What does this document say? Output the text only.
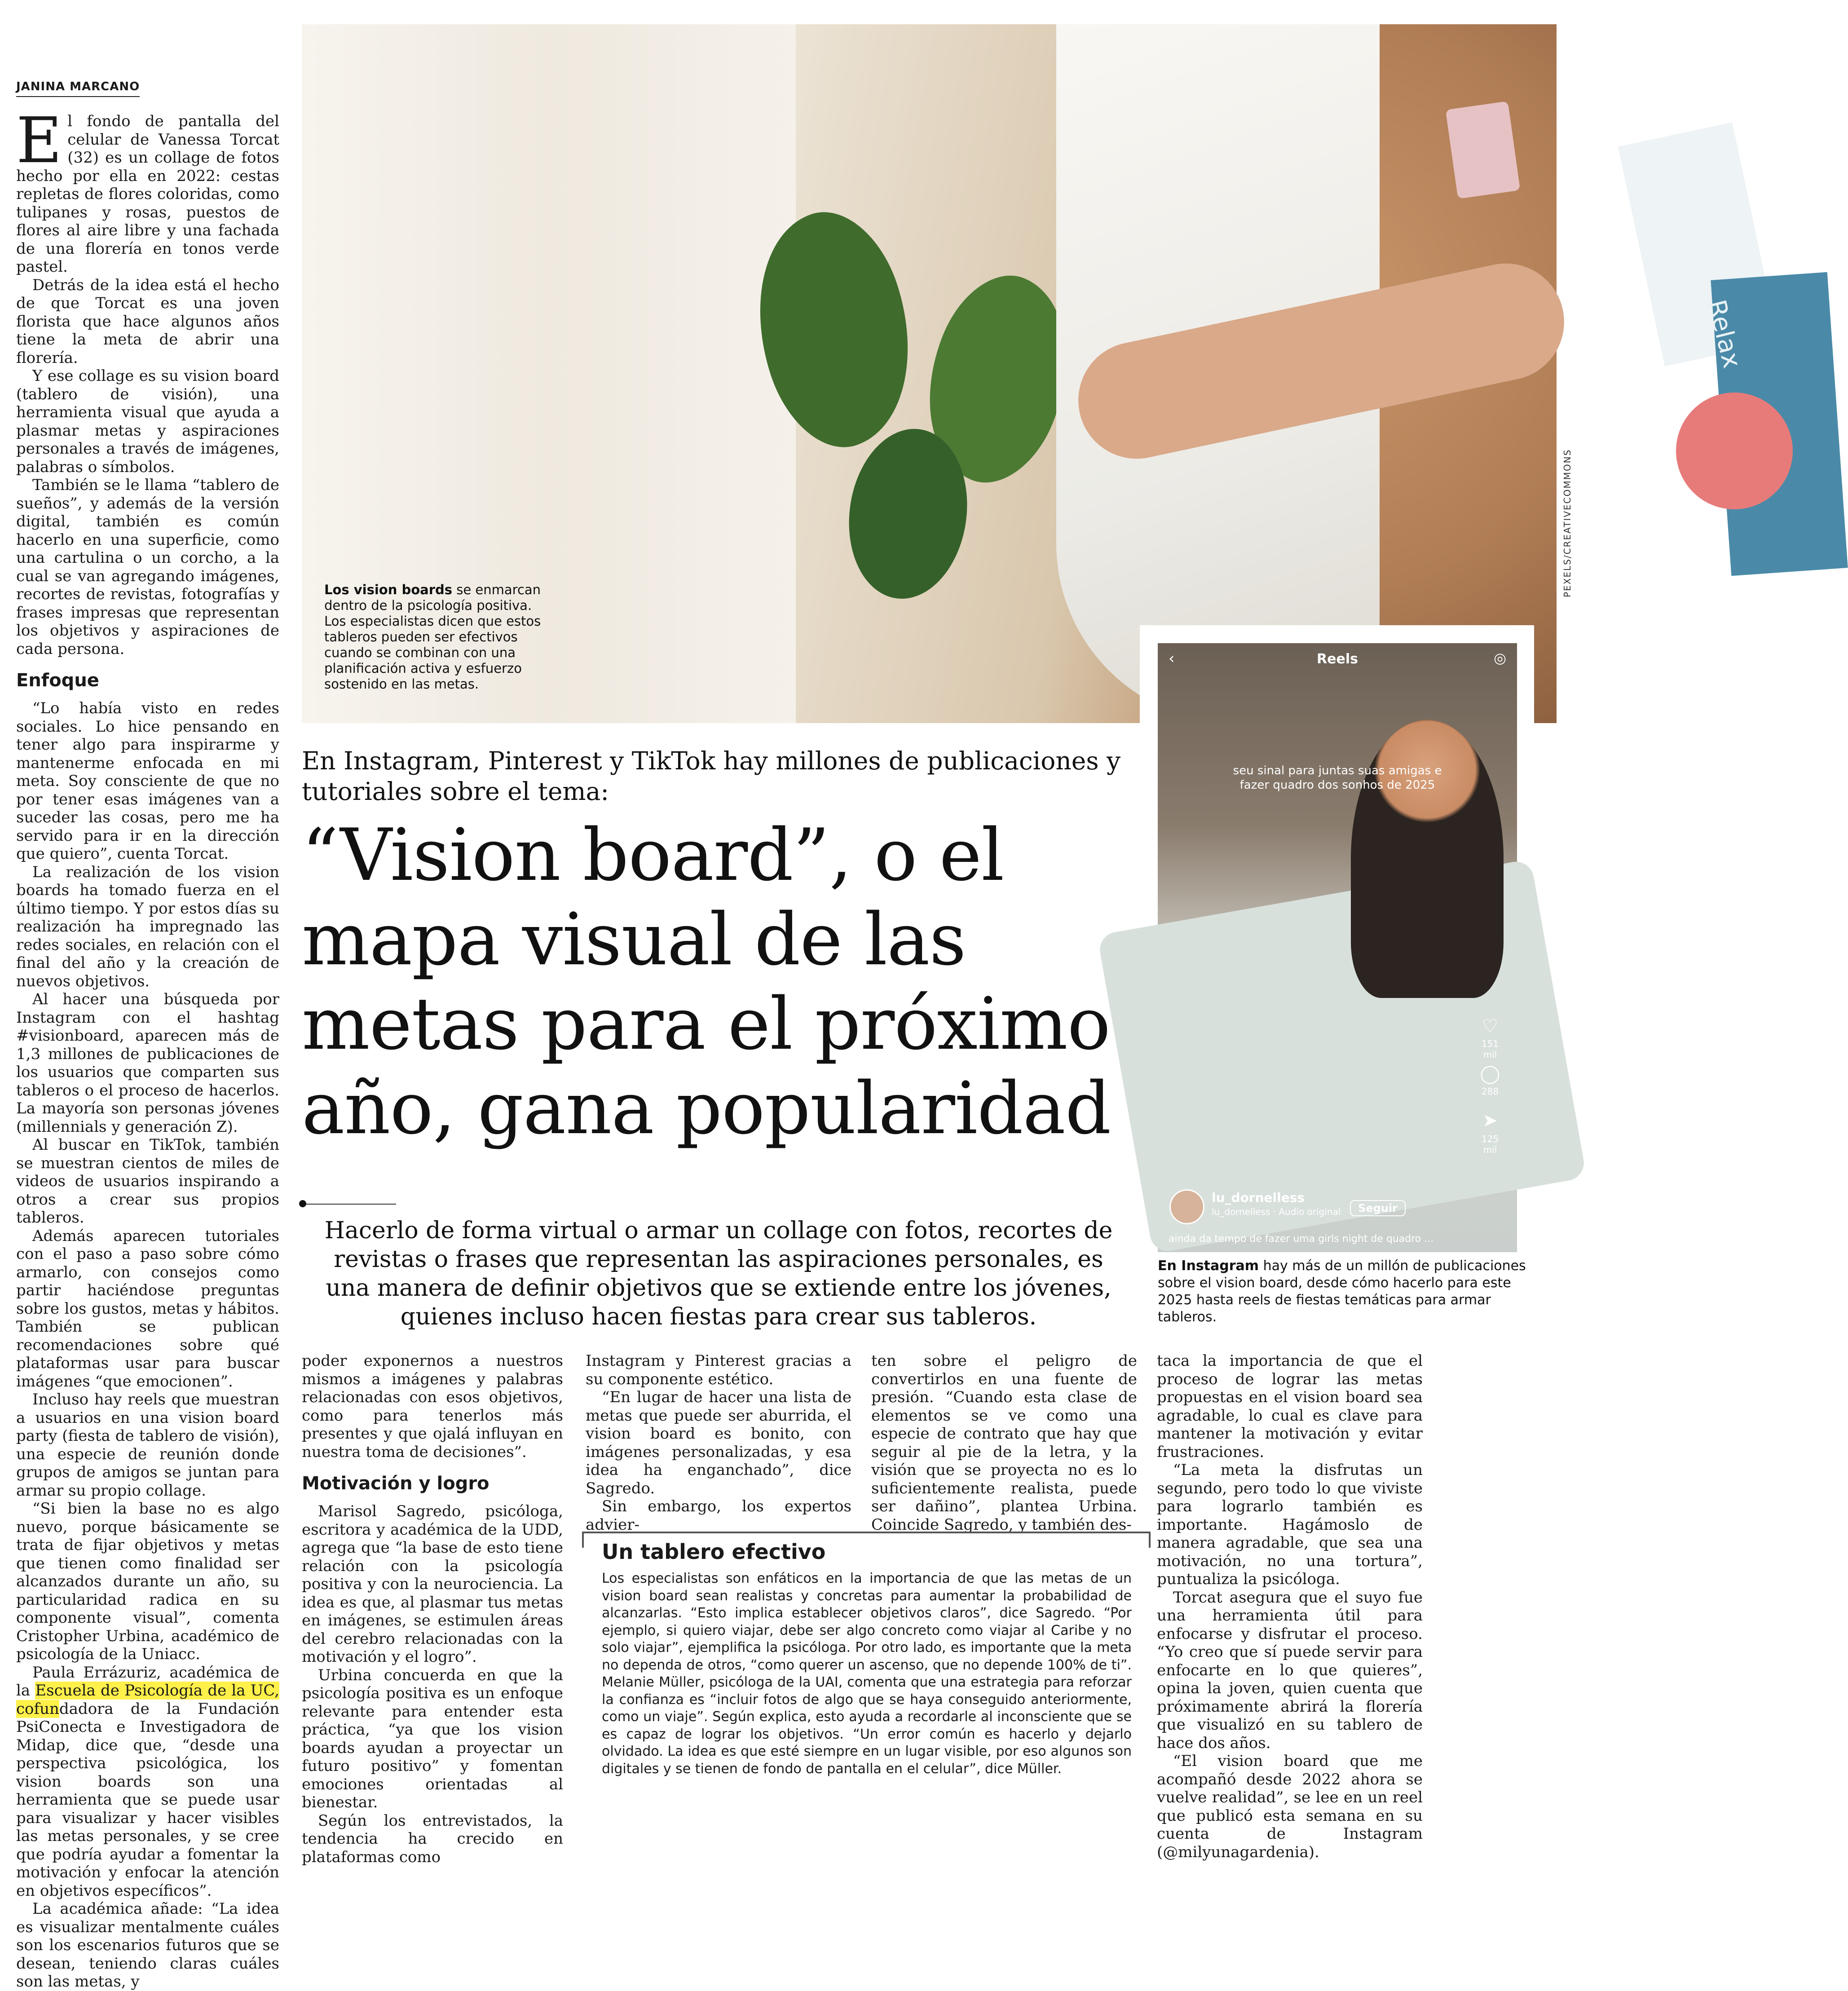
JANINA MARCANO

El fondo de pantalla del celular de Vanessa Torcat (32) es un collage de fotos hecho por ella en 2022: cestas repletas de flores coloridas, como tulipanes y rosas, puestos de flores al aire libre y una fachada de una florería en tonos verde pastel.

Detrás de la idea está el hecho de que Torcat es una joven florista que hace algunos años tiene la meta de abrir una florería.

Y ese collage es su vision board (tablero de visión), una herramienta visual que ayuda a plasmar metas y aspiraciones personales a través de imágenes, palabras o símbolos.

También se le llama “tablero de sueños”, y además de la versión digital, también es común hacerlo en una superficie, como una cartulina o un corcho, a la cual se van agregando imágenes, recortes de revistas, fotografías y frases impresas que representan los objetivos y aspiraciones de cada persona.

Enfoque

“Lo había visto en redes sociales. Lo hice pensando en tener algo para inspirarme y mantenerme enfocada en mi meta. Soy consciente de que no por tener esas imágenes van a suceder las cosas, pero me ha servido para ir en la dirección que quiero”, cuenta Torcat.

La realización de los vision boards ha tomado fuerza en el último tiempo. Y por estos días su realización ha impregnado las redes sociales, en relación con el final del año y la creación de nuevos objetivos.

Al hacer una búsqueda por Instagram con el hashtag #visionboard, aparecen más de 1,3 millones de publicaciones de los usuarios que comparten sus tableros o el proceso de hacerlos. La mayoría son personas jóvenes (millennials y generación Z).

Al buscar en TikTok, también se muestran cientos de miles de videos de usuarios inspirando a otros a crear sus propios tableros.

Además aparecen tutoriales con el paso a paso sobre cómo armarlo, con consejos como partir haciéndose preguntas sobre los gustos, metas y hábitos. También se publican recomendaciones sobre qué plataformas usar para buscar imágenes “que emocionen”.

Incluso hay reels que muestran a usuarios en una vision board party (fiesta de tablero de visión), una especie de reunión donde grupos de amigos se juntan para armar su propio collage.

“Si bien la base no es algo nuevo, porque básicamente se trata de fijar objetivos y metas que tienen como finalidad ser alcanzados durante un año, su particularidad radica en su componente visual”, comenta Cristopher Urbina, académico de psicología de la Uniacc.

Paula Errázuriz, académica de la Escuela de Psicología de la UC, cofundadora de la Fundación PsiConecta e Investigadora de Midap, dice que, “desde una perspectiva psicológica, los vision boards son una herramienta que se puede usar para visualizar y hacer visibles las metas personales, y se cree que podría ayudar a fomentar la motivación y enfocar la atención en objetivos específicos”.

La académica añade: “La idea es visualizar mentalmente cuáles son los escenarios futuros que se desean, teniendo claras cuáles son las metas, y

Relax
PEXELS/CREATIVECOMMONS
Los vision boards se enmarcan dentro de la psicología positiva. Los especialistas dicen que estos tableros pueden ser efectivos cuando se combinan con una planificación activa y esfuerzo sostenido en las metas.
En Instagram, Pinterest y TikTok hay millones de publicaciones y tutoriales sobre el tema:
“Vision board”, o el mapa visual de las metas para el próximo año, gana popularidad
Hacerlo de forma virtual o armar un collage con fotos, recortes de revistas o frases que representan las aspiraciones personales, es una manera de definir objetivos que se extiende entre los jóvenes, quienes incluso hacen fiestas para crear sus tableros.
Reels
‹	◎
seu sinal para juntas suas amigas e fazer quadro dos sonhos de 2025
♡
151 mil
◯
288
➤
125 mil
lu_dornelless
lu_dornelless · Audio original	Seguir
ainda da tempo de fazer uma girls night de quadro ...
En Instagram hay más de un millón de publicaciones sobre el vision board, desde cómo hacerlo para este 2025 hasta reels de fiestas temáticas para armar tableros.

poder exponernos a nuestros mismos a imágenes y palabras relacionadas con esos objetivos, como para tenerlos más presentes y que ojalá influyan en nuestra toma de decisiones”.

Motivación y logro

Marisol Sagredo, psicóloga, escritora y académica de la UDD, agrega que “la base de esto tiene relación con la psicología positiva y con la neurociencia. La idea es que, al plasmar tus metas en imágenes, se estimulen áreas del cerebro relacionadas con la motivación y el logro”.

Urbina concuerda en que la psicología positiva es un enfoque relevante para entender esta práctica, “ya que los vision boards ayudan a proyectar un futuro positivo” y fomentan emociones orientadas al bienestar.

Según los entrevistados, la tendencia ha crecido en plataformas como

Instagram y Pinterest gracias a su componente estético.

“En lugar de hacer una lista de metas que puede ser aburrida, el vision board es bonito, con imágenes personalizadas, y esa idea ha enganchado”, dice Sagredo.

Sin embargo, los expertos advier-

ten sobre el peligro de convertirlos en una fuente de presión. “Cuando esta clase de elementos se ve como una especie de contrato que hay que seguir al pie de la letra, y la visión que se proyecta no es lo suficientemente realista, puede ser dañino”, plantea Urbina. Coincide Sagredo, y también des-

taca la importancia de que el proceso de lograr las metas propuestas en el vision board sea agradable, lo cual es clave para mantener la motivación y evitar frustraciones.

“La meta la disfrutas un segundo, pero todo lo que viviste para lograrlo también es importante. Hagámoslo de manera agradable, que sea una motivación, no una tortura”, puntualiza la psicóloga.

Torcat asegura que el suyo fue una herramienta útil para enfocarse y disfrutar el proceso. “Yo creo que sí puede servir para enfocarte en lo que quieres”, opina la joven, quien cuenta que próximamente abrirá la florería que visualizó en su tablero de hace dos años.

“El vision board que me acompañó desde 2022 ahora se vuelve realidad”, se lee en un reel que publicó esta semana en su cuenta de Instagram (@milyunagardenia).

Un tablero efectivo
Los especialistas son enfáticos en la importancia de que las metas de un vision board sean realistas y concretas para aumentar la probabilidad de alcanzarlas. “Esto implica establecer objetivos claros”, dice Sagredo. “Por ejemplo, si quiero viajar, debe ser algo concreto como viajar al Caribe y no solo viajar”, ejemplifica la psicóloga. Por otro lado, es importante que la meta no dependa de otros, “como querer un ascenso, que no depende 100% de ti”. Melanie Müller, psicóloga de la UAI, comenta que una estrategia para reforzar la confianza es “incluir fotos de algo que se haya conseguido anteriormente, como un viaje”. Según explica, esto ayuda a recordarle al inconsciente que se es capaz de lograr los objetivos. “Un error común es hacerlo y dejarlo olvidado. La idea es que esté siempre en un lugar visible, por eso algunos son digitales y se tienen de fondo de pantalla en el celular”, dice Müller.
